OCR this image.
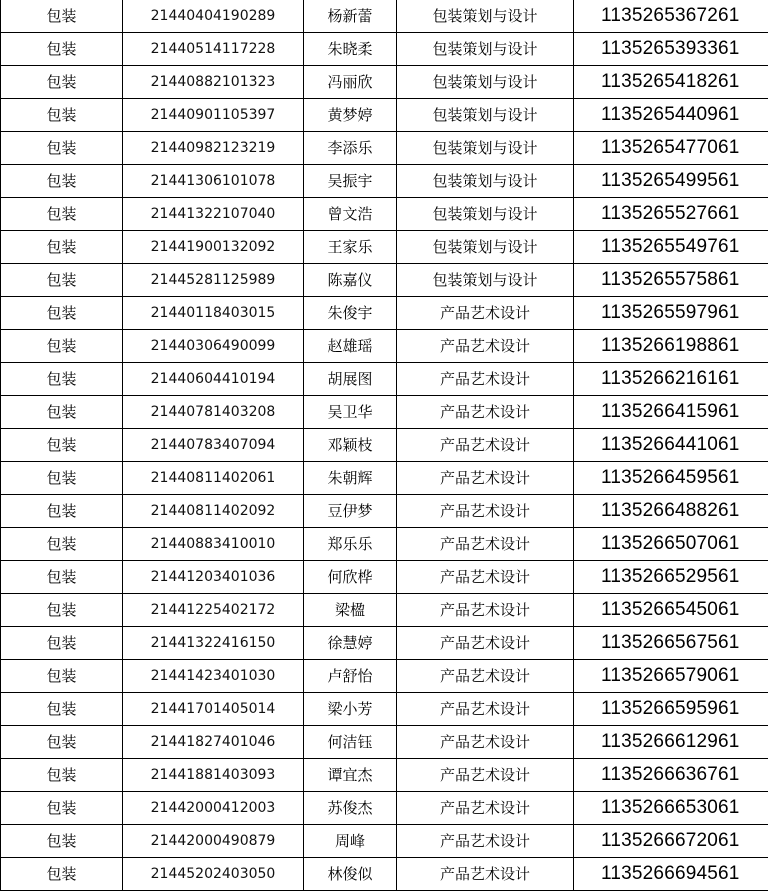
包装	21440404190289	杨新蕾	包装策划与设计	1135265367261
包装	21440514117228	朱晓柔	包装策划与设计	1135265393361
包装	21440882101323	冯丽欣	包装策划与设计	1135265418261
包装	21440901105397	黄梦婷	包装策划与设计	1135265440961
包装	21440982123219	李添乐	包装策划与设计	1135265477061
包装	21441306101078	吴振宇	包装策划与设计	1135265499561
包装	21441322107040	曾文浩	包装策划与设计	1135265527661
包装	21441900132092	王家乐	包装策划与设计	1135265549761
包装	21445281125989	陈嘉仪	包装策划与设计	1135265575861
包装	21440118403015	朱俊宇	产品艺术设计	1135265597961
包装	21440306490099	赵雄瑶	产品艺术设计	1135266198861
包装	21440604410194	胡展图	产品艺术设计	1135266216161
包装	21440781403208	吴卫华	产品艺术设计	1135266415961
包装	21440783407094	邓颖枝	产品艺术设计	1135266441061
包装	21440811402061	朱朝辉	产品艺术设计	1135266459561
包装	21440811402092	豆伊梦	产品艺术设计	1135266488261
包装	21440883410010	郑乐乐	产品艺术设计	1135266507061
包装	21441203401036	何欣桦	产品艺术设计	1135266529561
包装	21441225402172	梁楹	产品艺术设计	1135266545061
包装	21441322416150	徐慧婷	产品艺术设计	1135266567561
包装	21441423401030	卢舒怡	产品艺术设计	1135266579061
包装	21441701405014	梁小芳	产品艺术设计	1135266595961
包装	21441827401046	何洁钰	产品艺术设计	1135266612961
包装	21441881403093	谭宜杰	产品艺术设计	1135266636761
包装	21442000412003	苏俊杰	产品艺术设计	1135266653061
包装	21442000490879	周峰	产品艺术设计	1135266672061
包装	21445202403050	林俊似	产品艺术设计	1135266694561
